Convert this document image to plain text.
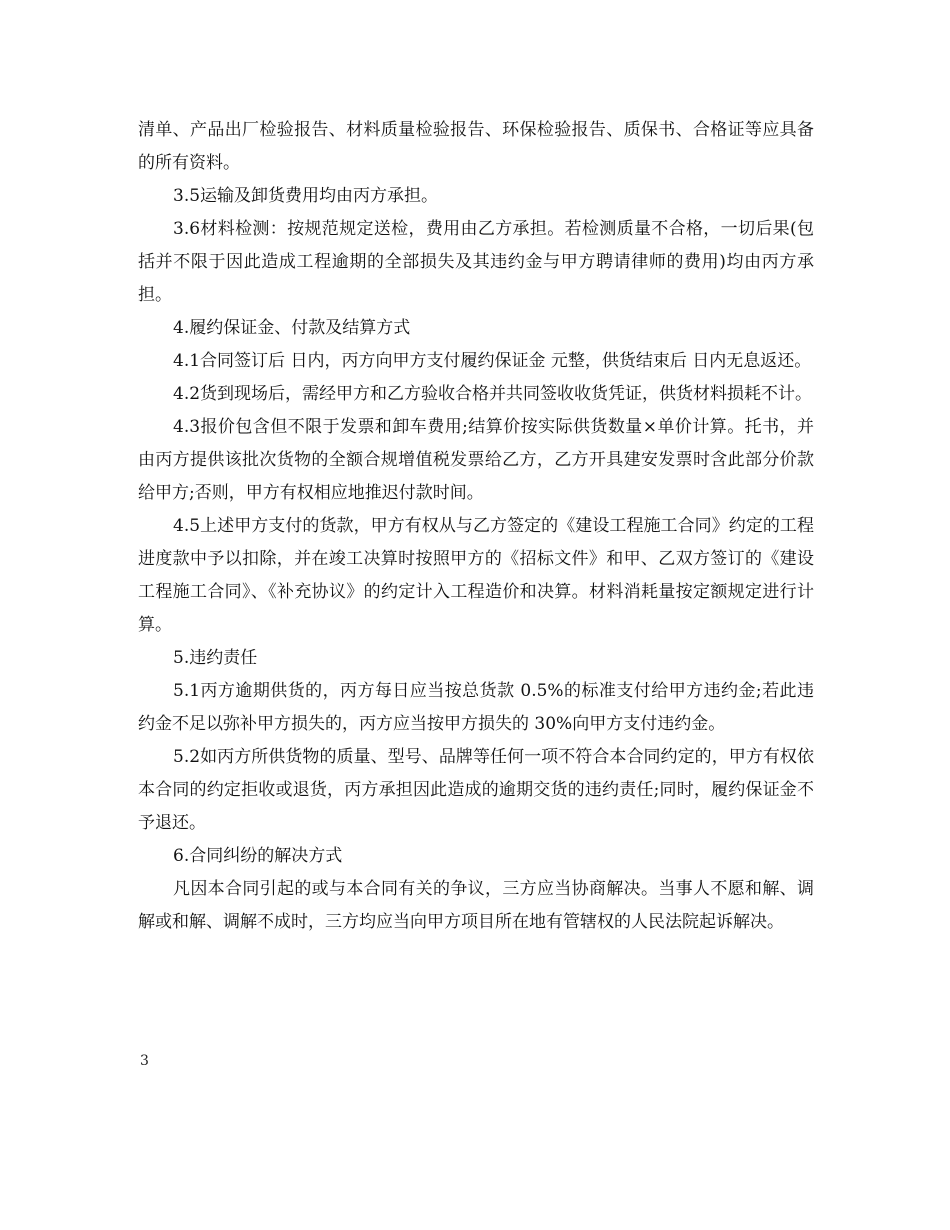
清单、产品出厂检验报告、材料质量检验报告、环保检验报告、质保书、合格证等应具备的所有资料。

3.5运输及卸货费用均由丙方承担。

3.6材料检测：按规范规定送检，费用由乙方承担。若检测质量不合格，一切后果(包括并不限于因此造成工程逾期的全部损失及其违约金与甲方聘请律师的费用)均由丙方承担。

4.履约保证金、付款及结算方式

4.1合同签订后 日内，丙方向甲方支付履约保证金 元整，供货结束后 日内无息返还。

4.2货到现场后，需经甲方和乙方验收合格并共同签收收货凭证，供货材料损耗不计。

4.3报价包含但不限于发票和卸车费用;结算价按实际供货数量×单价计算。托书，并由丙方提供该批次货物的全额合规增值税发票给乙方，乙方开具建安发票时含此部分价款给甲方;否则，甲方有权相应地推迟付款时间。

4.5上述甲方支付的货款，甲方有权从与乙方签定的《建设工程施工合同》约定的工程进度款中予以扣除，并在竣工决算时按照甲方的《招标文件》和甲、乙双方签订的《建设工程施工合同》、《补充协议》的约定计入工程造价和决算。材料消耗量按定额规定进行计算。

5.违约责任

5.1丙方逾期供货的，丙方每日应当按总货款 0.5%的标准支付给甲方违约金;若此违约金不足以弥补甲方损失的，丙方应当按甲方损失的 30%向甲方支付违约金。

5.2如丙方所供货物的质量、型号、品牌等任何一项不符合本合同约定的，甲方有权依本合同的约定拒收或退货，丙方承担因此造成的逾期交货的违约责任;同时，履约保证金不予退还。

6.合同纠纷的解决方式

凡因本合同引起的或与本合同有关的争议，三方应当协商解决。当事人不愿和解、调解或和解、调解不成时，三方均应当向甲方项目所在地有管辖权的人民法院起诉解决。

3
